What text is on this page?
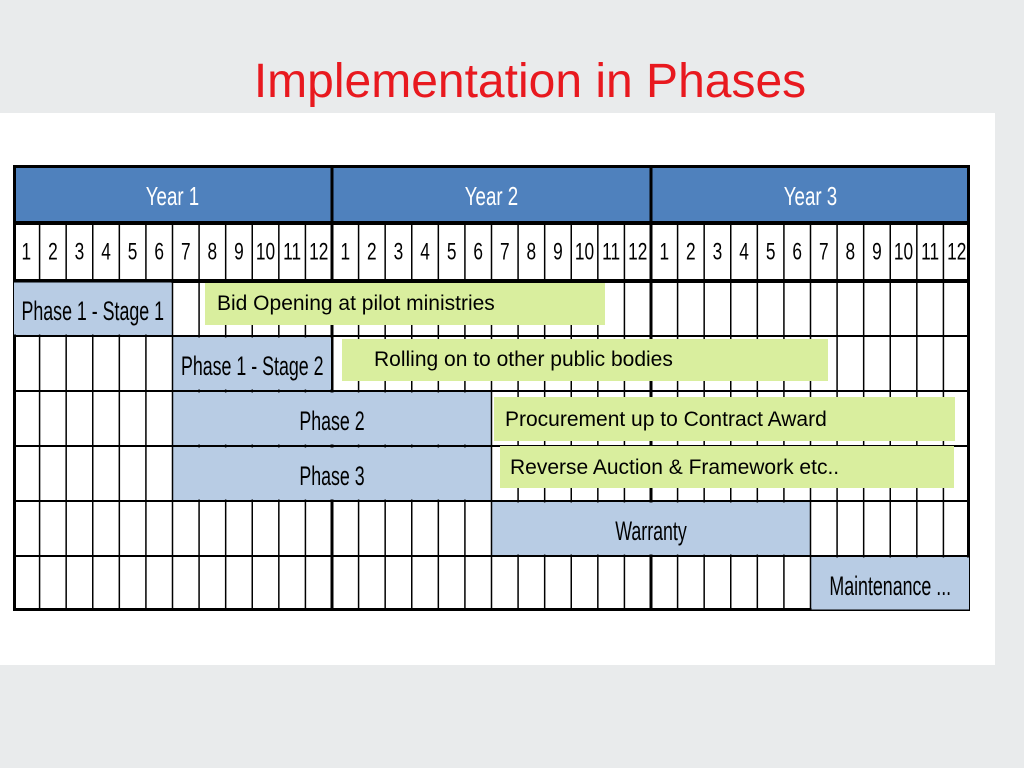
Implementation in Phases
Year 1	Year 2	Year 3
1 2 3 4 5 6 7 8 9 10 11 12 1 2 3 4 5 6 7 8 9 10 11 12 1 2 3 4 5 6 7 8 9 10 11 12
Phase 1 - Stage 1
Phase 1 - Stage 2
Phase 2
Phase 3
Warranty
Maintenance ...
Bid Opening at pilot ministries
Rolling on to other public bodies
Procurement up to Contract Award
Reverse Auction & Framework etc..
